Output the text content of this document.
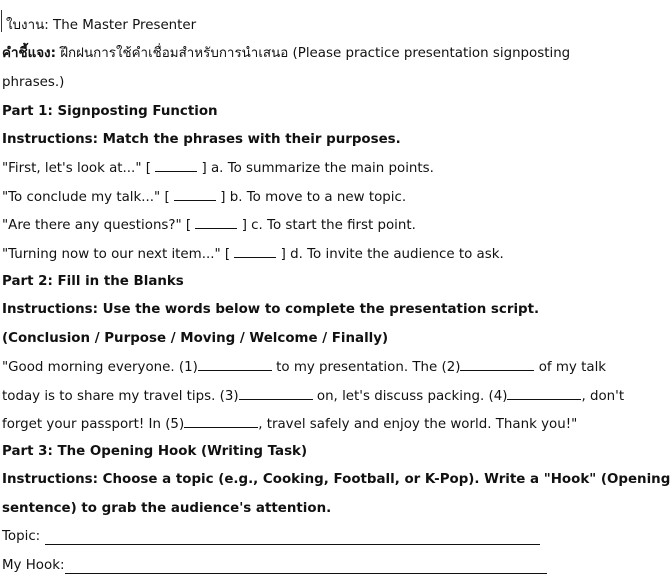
ใบงาน: The Master Presenter
คำชี้แจง: ฝึกฝนการใช้คำเชื่อมสำหรับการนำเสนอ (Please practice presentation signposting
phrases.)
Part 1: Signposting Function
Instructions: Match the phrases with their purposes.
"First, let's look at..." [	] a. To summarize the main points.
"To conclude my talk..." [	] b. To move to a new topic.
"Are there any questions?" [	] c. To start the first point.
"Turning now to our next item..." [	] d. To invite the audience to ask.
Part 2: Fill in the Blanks
Instructions: Use the words below to complete the presentation script.
(Conclusion / Purpose / Moving / Welcome / Finally)
"Good morning everyone. (1)	to my presentation. The (2)	of my talk
today is to share my travel tips. (3)	on, let's discuss packing. (4)	, don't
forget your passport! In (5)	, travel safely and enjoy the world. Thank you!"
Part 3: The Opening Hook (Writing Task)
Instructions: Choose a topic (e.g., Cooking, Football, or K-Pop). Write a "Hook" (Opening
sentence) to grab the audience's attention.
Topic:
My Hook:
